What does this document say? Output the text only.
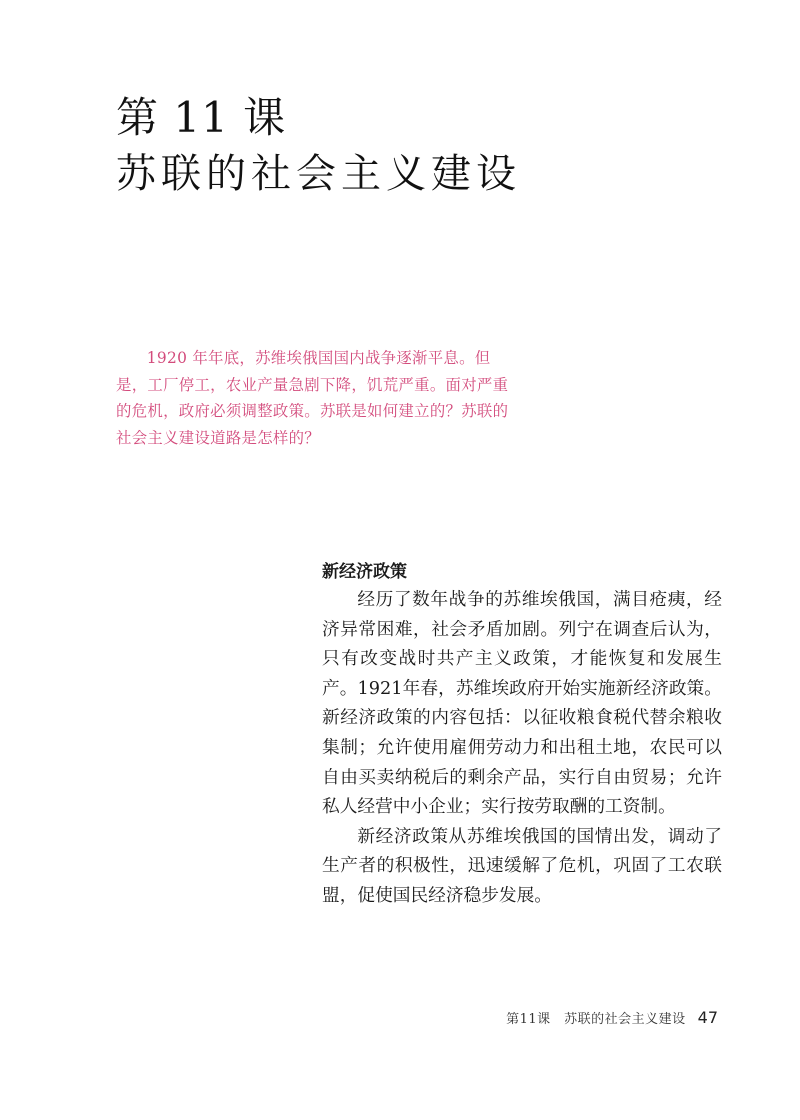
第 11 课
苏联的社会主义建设

1920 年年底，苏维埃俄国国内战争逐渐平息。但是，工厂停工，农业产量急剧下降，饥荒严重。面对严重的危机，政府必须调整政策。苏联是如何建立的？苏联的社会主义建设道路是怎样的？

新经济政策

经历了数年战争的苏维埃俄国，满目疮痍，经济异常困难，社会矛盾加剧。列宁在调查后认为，只有改变战时共产主义政策，才能恢复和发展生产。1921年春，苏维埃政府开始实施新经济政策。新经济政策的内容包括：以征收粮食税代替余粮收集制；允许使用雇佣劳动力和出租土地，农民可以自由买卖纳税后的剩余产品，实行自由贸易；允许私人经营中小企业；实行按劳取酬的工资制。

新经济政策从苏维埃俄国的国情出发，调动了生产者的积极性，迅速缓解了危机，巩固了工农联盟，促使国民经济稳步发展。

第11课　苏联的社会主义建设 47
